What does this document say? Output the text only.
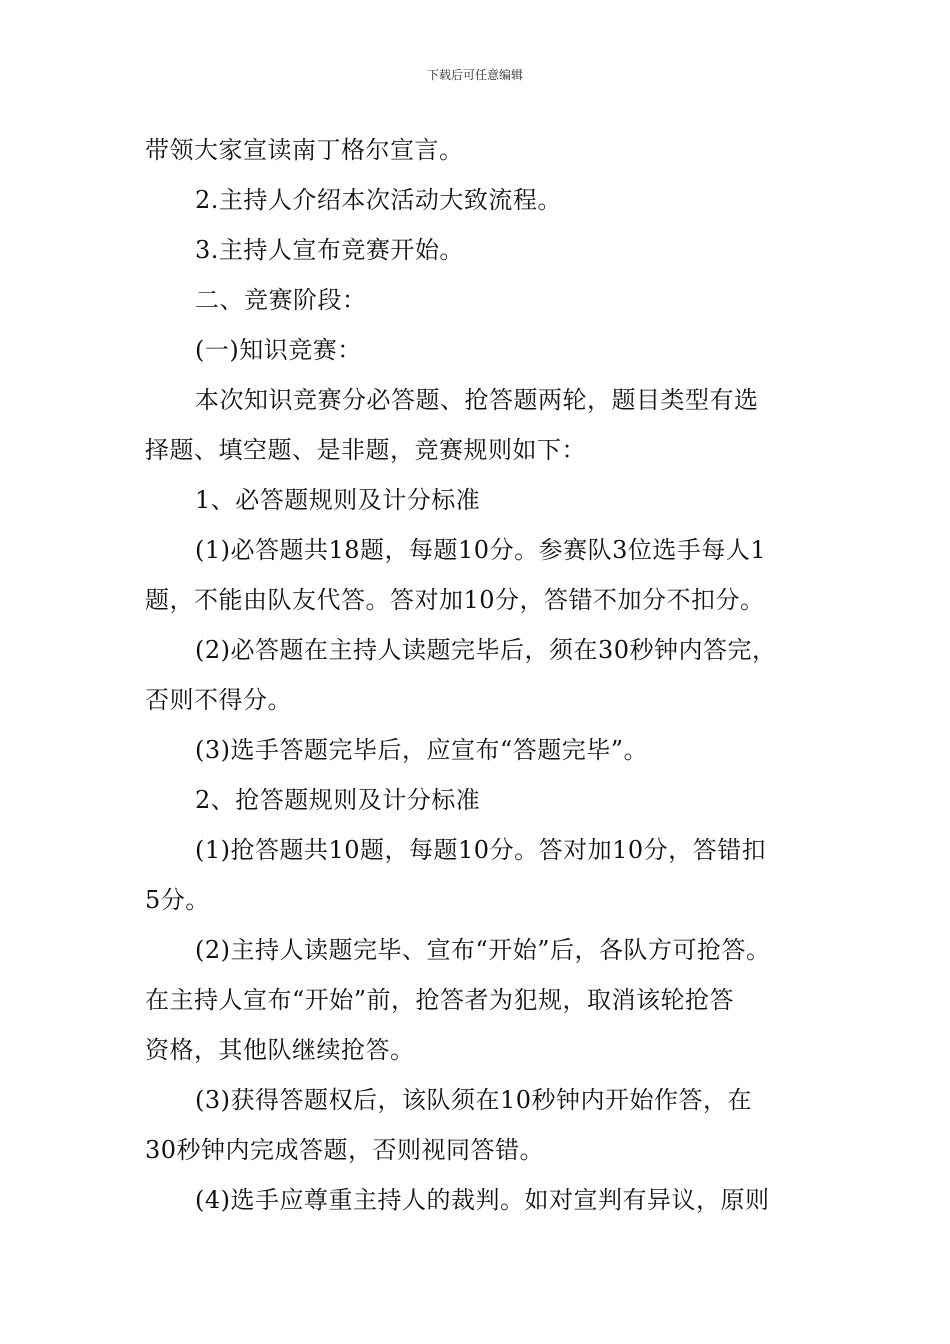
下载后可任意编辑
带领大家宣读南丁格尔宣言。
2.主持人介绍本次活动大致流程。
3.主持人宣布竞赛开始。
二、竞赛阶段：
(一)知识竞赛：
本次知识竞赛分必答题、抢答题两轮，题目类型有选
择题、填空题、是非题，竞赛规则如下：
1、必答题规则及计分标准
(1)必答题共18题，每题10分。参赛队3位选手每人1
题，不能由队友代答。答对加10分，答错不加分不扣分。
(2)必答题在主持人读题完毕后，须在30秒钟内答完，
否则不得分。
(3)选手答题完毕后，应宣布“答题完毕”。
2、抢答题规则及计分标准
(1)抢答题共10题，每题10分。答对加10分，答错扣
5分。
(2)主持人读题完毕、宣布“开始”后，各队方可抢答。
在主持人宣布“开始”前，抢答者为犯规，取消该轮抢答
资格，其他队继续抢答。
(3)获得答题权后，该队须在10秒钟内开始作答，在
30秒钟内完成答题，否则视同答错。
(4)选手应尊重主持人的裁判。如对宣判有异议，原则
